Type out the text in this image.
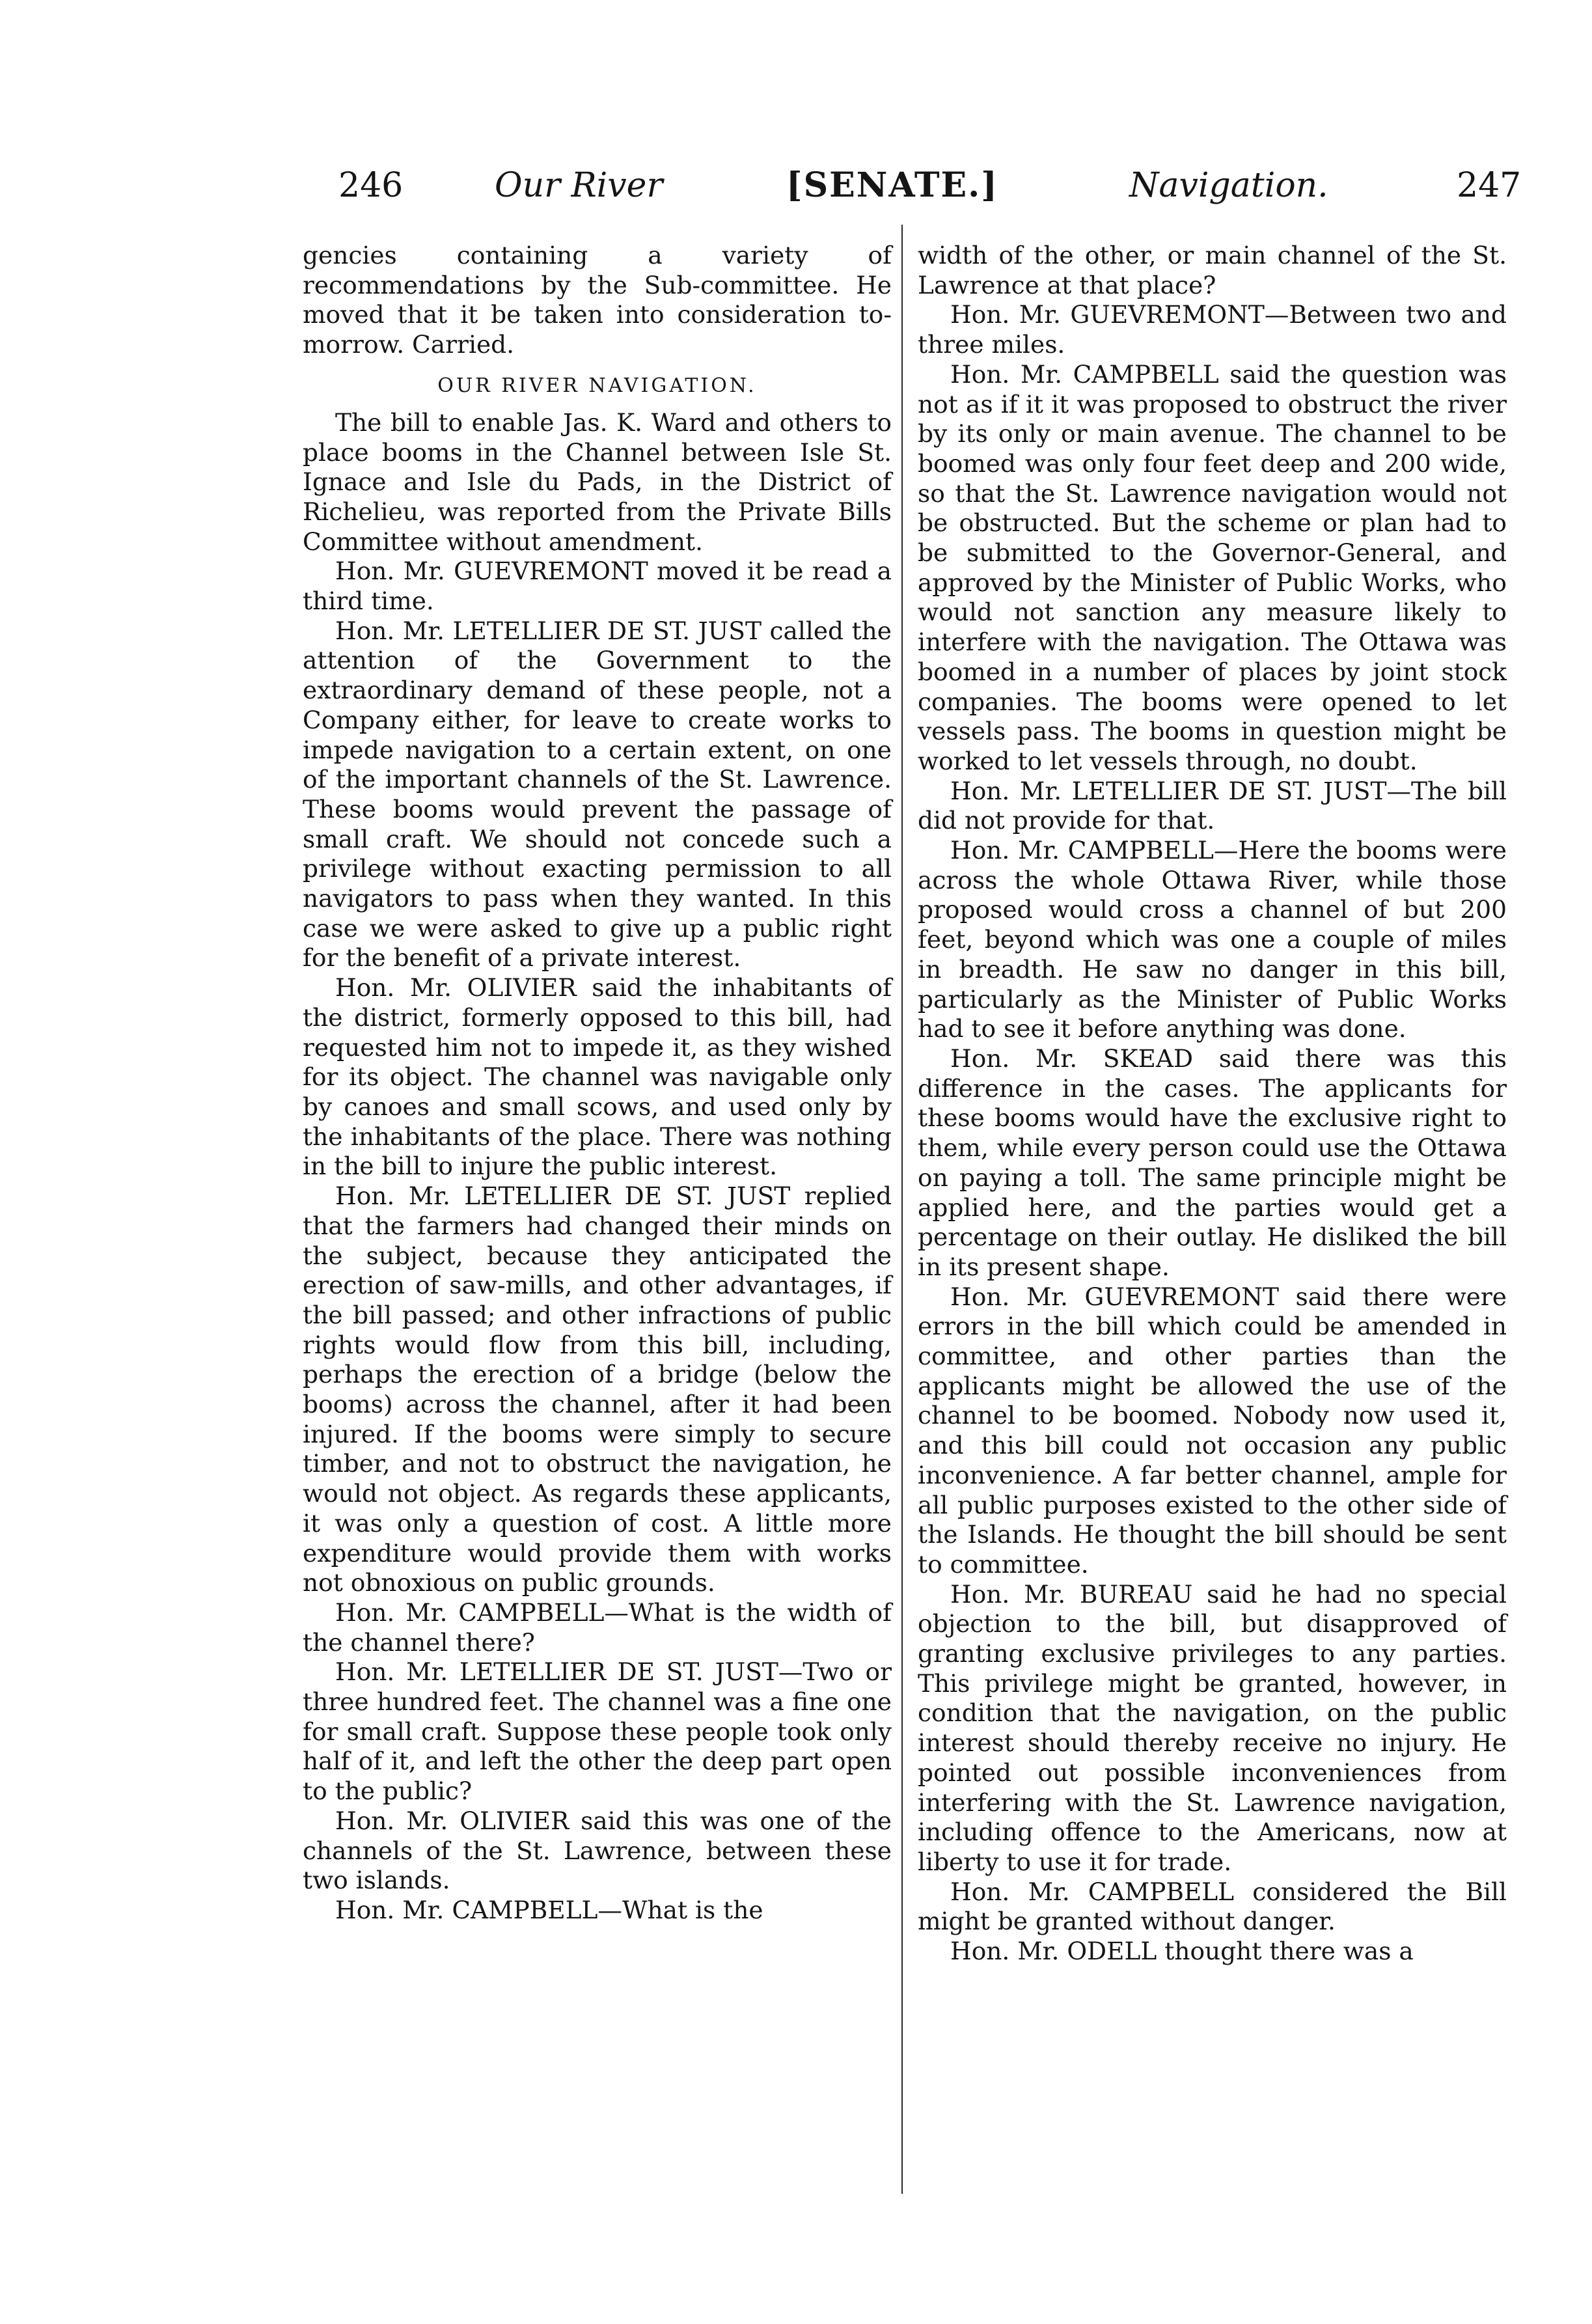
246	Our River	[SENATE.]	Navigation.	247

gencies containing a variety of recommendations by the Sub-committee. He moved that it be taken into consideration to-morrow. Carried.

OUR RIVER NAVIGATION.

The bill to enable Jas. K. Ward and others to place booms in the Channel between Isle St. Ignace and Isle du Pads, in the District of Richelieu, was reported from the Private Bills Committee without amendment.

Hon. Mr. GUEVREMONT moved it be read a third time.

Hon. Mr. LETELLIER DE ST. JUST called the attention of the Government to the extraordinary demand of these people, not a Company either, for leave to create works to impede navigation to a certain extent, on one of the important channels of the St. Lawrence. These booms would prevent the passage of small craft. We should not concede such a privilege without exacting permission to all navigators to pass when they wanted. In this case we were asked to give up a public right for the benefit of a private interest.

Hon. Mr. OLIVIER said the inhabitants of the district, formerly opposed to this bill, had requested him not to impede it, as they wished for its object. The channel was navigable only by canoes and small scows, and used only by the inhabitants of the place. There was nothing in the bill to injure the public interest.

Hon. Mr. LETELLIER DE ST. JUST replied that the farmers had changed their minds on the subject, because they anticipated the erection of saw-mills, and other advantages, if the bill passed; and other infractions of public rights would flow from this bill, including, perhaps the erection of a bridge (below the booms) across the channel, after it had been injured. If the booms were simply to secure timber, and not to obstruct the navigation, he would not object. As regards these applicants, it was only a question of cost. A little more expenditure would provide them with works not obnoxious on public grounds.

Hon. Mr. CAMPBELL—What is the width of the channel there?

Hon. Mr. LETELLIER DE ST. JUST—Two or three hundred feet. The channel was a fine one for small craft. Suppose these people took only half of it, and left the other the deep part open to the public?

Hon. Mr. OLIVIER said this was one of the channels of the St. Lawrence, between these two islands.

Hon. Mr. CAMPBELL—What is the

width of the other, or main channel of the St. Lawrence at that place?

Hon. Mr. GUEVREMONT—Between two and three miles.

Hon. Mr. CAMPBELL said the question was not as if it it was proposed to obstruct the river by its only or main avenue. The channel to be boomed was only four feet deep and 200 wide, so that the St. Lawrence navigation would not be obstructed. But the scheme or plan had to be submitted to the Governor-General, and approved by the Minister of Public Works, who would not sanction any measure likely to interfere with the navigation. The Ottawa was boomed in a number of places by joint stock companies. The booms were opened to let vessels pass. The booms in question might be worked to let vessels through, no doubt.

Hon. Mr. LETELLIER DE ST. JUST—The bill did not provide for that.

Hon. Mr. CAMPBELL—Here the booms were across the whole Ottawa River, while those proposed would cross a channel of but 200 feet, beyond which was one a couple of miles in breadth. He saw no danger in this bill, particularly as the Minister of Public Works had to see it before anything was done.

Hon. Mr. SKEAD said there was this difference in the cases. The applicants for these booms would have the exclusive right to them, while every person could use the Ottawa on paying a toll. The same principle might be applied here, and the parties would get a percentage on their outlay. He disliked the bill in its present shape.

Hon. Mr. GUEVREMONT said there were errors in the bill which could be amended in committee, and other parties than the applicants might be allowed the use of the channel to be boomed. Nobody now used it, and this bill could not occasion any public inconvenience. A far better channel, ample for all public purposes existed to the other side of the Islands. He thought the bill should be sent to committee.

Hon. Mr. BUREAU said he had no special objection to the bill, but disapproved of granting exclusive privileges to any parties. This privilege might be granted, however, in condition that the navigation, on the public interest should thereby receive no injury. He pointed out possible inconveniences from interfering with the St. Lawrence navigation, including offence to the Americans, now at liberty to use it for trade.

Hon. Mr. CAMPBELL considered the Bill might be granted without danger.

Hon. Mr. ODELL thought there was a
